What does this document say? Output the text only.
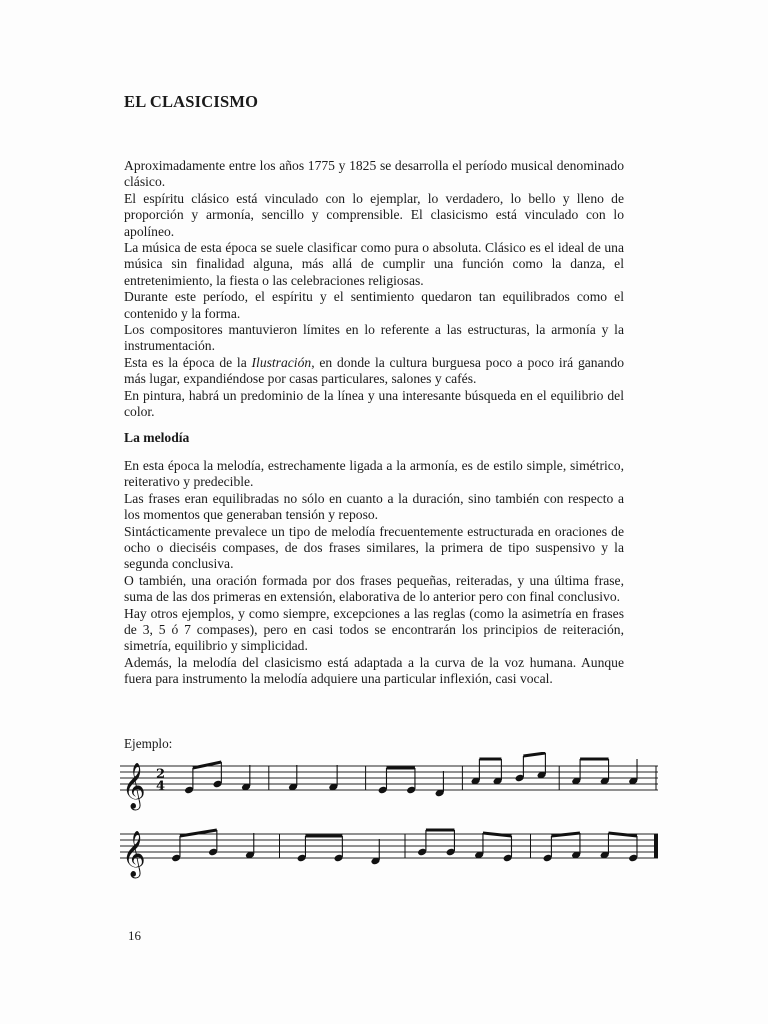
EL CLASICISMO

Aproximadamente entre los años 1775 y 1825 se desarrolla el período musical denominado clásico.

El espíritu clásico está vinculado con lo ejemplar, lo verdadero, lo bello y lleno de proporción y armonía, sencillo y comprensible. El clasicismo está vinculado con lo apolíneo.

La música de esta época se suele clasificar como pura o absoluta. Clásico es el ideal de una música sin finalidad alguna, más allá de cumplir una función como la danza, el entretenimiento, la fiesta o las celebraciones religiosas.

Durante este período, el espíritu y el sentimiento quedaron tan equilibrados como el contenido y la forma.

Los compositores mantuvieron límites en lo referente a las estructuras, la armonía y la instrumentación.

Esta es la época de la Ilustración, en donde la cultura burguesa poco a poco irá ganando más lugar, expandiéndose por casas particulares, salones y cafés.

En pintura, habrá un predominio de la línea y una interesante búsqueda en el equilibrio del color.

La melodía

En esta época la melodía, estrechamente ligada a la armonía, es de estilo simple, simétrico, reiterativo y predecible.

Las frases eran equilibradas no sólo en cuanto a la duración, sino también con respecto a los momentos que generaban tensión y reposo.

Sintácticamente prevalece un tipo de melodía frecuentemente estructurada en oraciones de ocho o dieciséis compases, de dos frases similares, la primera de tipo suspensivo y la segunda conclusiva.

O también, una oración formada por dos frases pequeñas, reiteradas, y una última frase, suma de las dos primeras en extensión, elaborativa de lo anterior pero con final conclusivo.

Hay otros ejemplos, y como siempre, excepciones a las reglas (como la asimetría en frases de 3, 5 ó 7 compases), pero en casi todos se encontrarán los principios de reiteración, simetría, equilibrio y simplicidad.

Además, la melodía del clasicismo está adaptada a la curva de la voz humana. Aunque fuera para instrumento la melodía adquiere una particular inflexión, casi vocal.

Ejemplo:
𝄞 2
4
𝄞
16
